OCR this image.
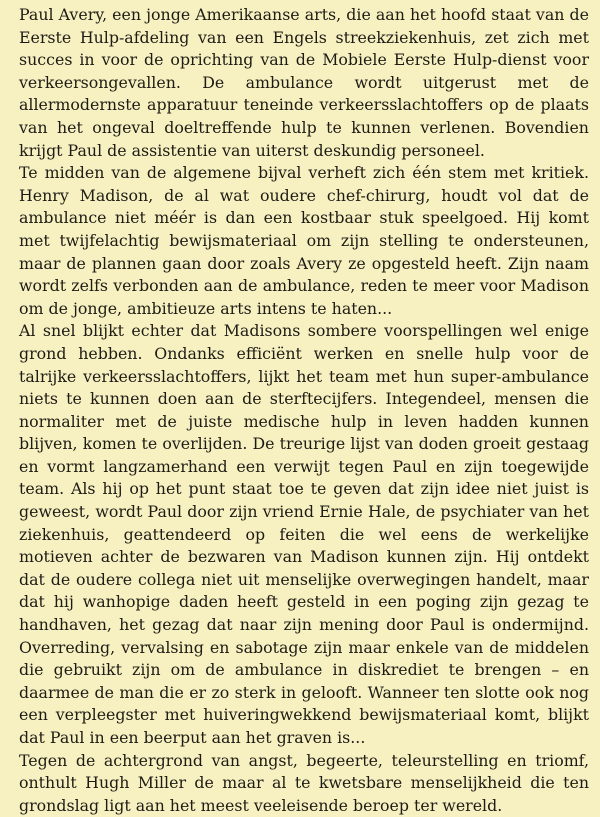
Paul Avery, een jonge Amerikaanse arts, die aan het hoofd staat van de Eerste Hulp-afdeling van een Engels streekziekenhuis, zet zich met succes in voor de oprichting van de Mobiele Eerste Hulp-dienst voor verkeersongevallen. De ambulance wordt uitgerust met de allermodernste apparatuur teneinde verkeersslachtoffers op de plaats van het ongeval doeltreffende hulp te kunnen verlenen. Bovendien krijgt Paul de assistentie van uiterst deskundig personeel.

Te midden van de algemene bijval verheft zich één stem met kritiek. Henry Madison, de al wat oudere chef-chirurg, houdt vol dat de ambulance niet méér is dan een kostbaar stuk speelgoed. Hij komt met twijfelachtig bewijsmateriaal om zijn stelling te ondersteunen, maar de plannen gaan door zoals Avery ze opgesteld heeft. Zijn naam wordt zelfs verbonden aan de ambulance, reden te meer voor Madison om de jonge, ambitieuze arts intens te haten...

Al snel blijkt echter dat Madisons sombere voorspellingen wel enige grond hebben. Ondanks efficiënt werken en snelle hulp voor de talrijke verkeersslachtoffers, lijkt het team met hun super-ambulance niets te kunnen doen aan de sterftecijfers. Integendeel, mensen die normaliter met de juiste medische hulp in leven hadden kunnen blijven, komen te overlijden. De treurige lijst van doden groeit gestaag en vormt langzamerhand een verwijt tegen Paul en zijn toegewijde team. Als hij op het punt staat toe te geven dat zijn idee niet juist is geweest, wordt Paul door zijn vriend Ernie Hale, de psychiater van het ziekenhuis, geattendeerd op feiten die wel eens de werkelijke motieven achter de bezwaren van Madison kunnen zijn. Hij ontdekt dat de oudere collega niet uit menselijke overwegingen handelt, maar dat hij wanhopige daden heeft gesteld in een poging zijn gezag te handhaven, het gezag dat naar zijn mening door Paul is ondermijnd. Overreding, vervalsing en sabotage zijn maar enkele van de middelen die gebruikt zijn om de ambulance in diskrediet te brengen – en daarmee de man die er zo sterk in gelooft. Wanneer ten slotte ook nog een verpleegster met huiveringwekkend bewijsmateriaal komt, blijkt dat Paul in een beerput aan het graven is...

Tegen de achtergrond van angst, begeerte, teleurstelling en triomf, onthult Hugh Miller de maar al te kwetsbare menselijkheid die ten grondslag ligt aan het meest veeleisende beroep ter wereld.
